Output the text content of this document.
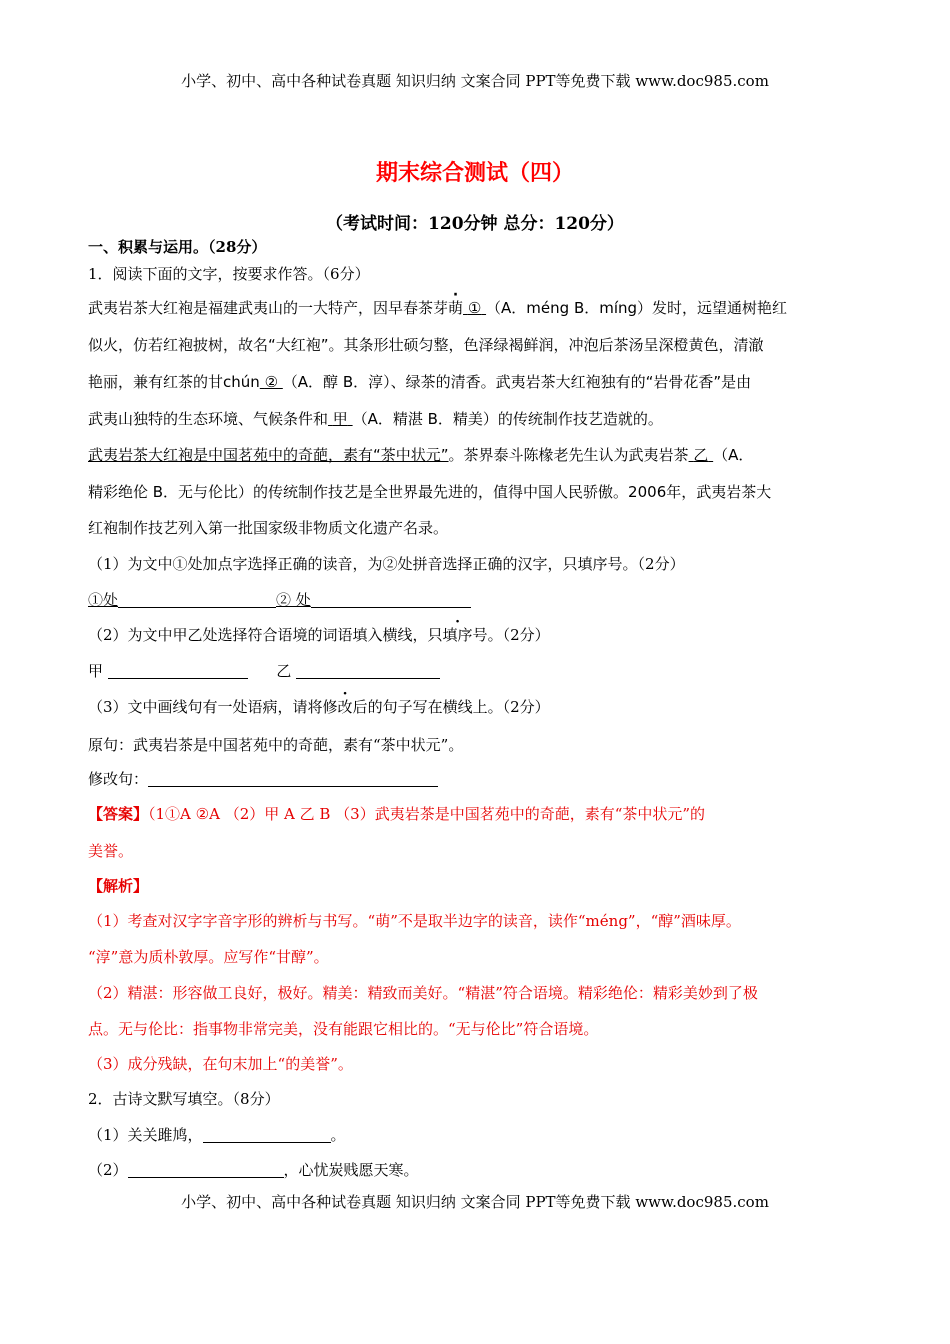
小学、初中、高中各种试卷真题 知识归纳 文案合同 PPT等免费下载 www.doc985.com
期末综合测试（四）
（考试时间：120分钟 总分：120分）
一、积累与运用。（28分）
1．阅读下面的文字，按要求作答。（6分）
武夷岩茶大红袍是福建武夷山的一大特产，因早春茶芽萌 ① （A．méng B．míng）发时，远望通树艳红
似火，仿若红袍披树，故名“大红袍”。其条形壮硕匀整，色泽绿褐鲜润，冲泡后茶汤呈深橙黄色，清澈
艳丽，兼有红茶的甘chún ② （A．醇 B．淳）、绿茶的清香。武夷岩茶大红袍独有的“岩骨花香”是由
武夷山独特的生态环境、气候条件和 甲 （A．精湛 B．精美）的传统制作技艺造就的。
武夷岩茶大红袍是中国茗苑中的奇葩，素有“茶中状元”。茶界泰斗陈椽老先生认为武夷岩茶 乙 （A．
精彩绝伦 B．无与伦比）的传统制作技艺是全世界最先进的，值得中国人民骄傲。2006年，武夷岩茶大
红袍制作技艺列入第一批国家级非物质文化遗产名录。
（1）为文中①处加点字选择正确的读音，为②处拼音选择正确的汉字，只填序号。（2分）
①处	② 处
（2）为文中甲乙处选择符合语境的词语填入横线，只填序号。（2分）
甲	乙
（3）文中画线句有一处语病，请将修改后的句子写在横线上。（2分）
原句：武夷岩茶是中国茗苑中的奇葩，素有“茶中状元”。
修改句：
【答案】（1①A ②A （2）甲 A 乙 B （3）武夷岩茶是中国茗苑中的奇葩，素有“茶中状元”的
美誉。
【解析】
（1）考查对汉字字音字形的辨析与书写。“萌”不是取半边字的读音，读作“méng”，“醇”酒味厚。
“淳”意为质朴敦厚。应写作“甘醇”。
（2）精湛：形容做工良好，极好。精美：精致而美好。“精湛”符合语境。精彩绝伦：精彩美妙到了极
点。无与伦比：指事物非常完美，没有能跟它相比的。“无与伦比”符合语境。
（3）成分残缺，在句末加上“的美誉”。
2．古诗文默写填空。（8分）
（1）关关雎鸠，	。
（2）	，心忧炭贱愿天寒。
小学、初中、高中各种试卷真题 知识归纳 文案合同 PPT等免费下载 www.doc985.com
